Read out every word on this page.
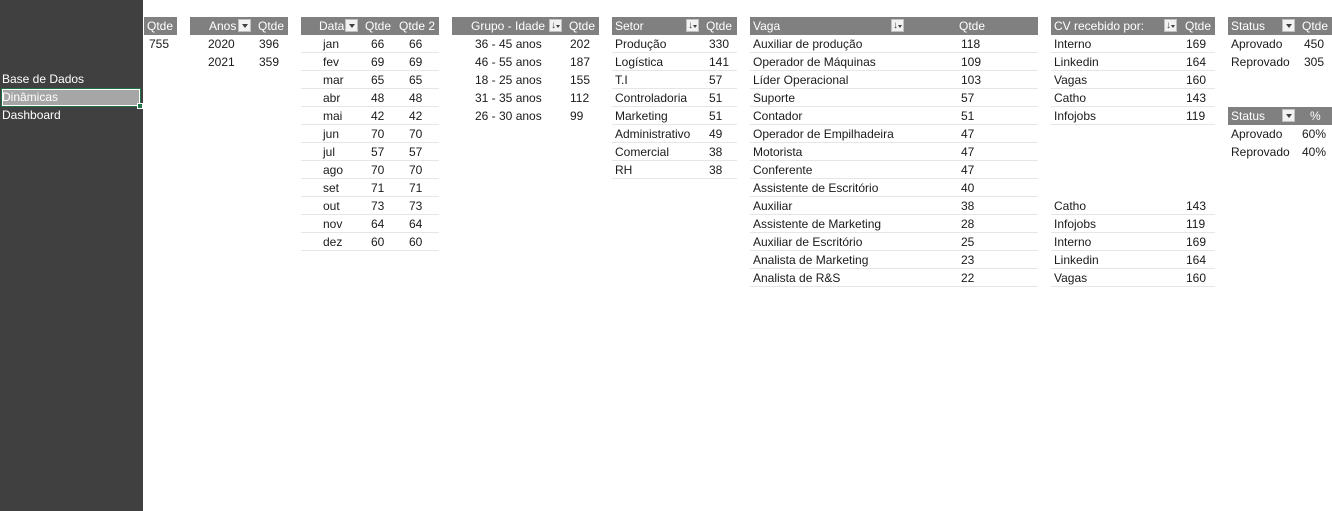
Base de Dados
Dinâmicas
Dashboard
Qtde
755
Anos Qtde
2020 396
2021 359
Data Qtde Qtde 2
jan	66 66
fev	69 69
mar 65 65
abr	48 48
mai 42 42
jun	70 70
jul	57 57
ago 70 70
set	71 71
out	73 73
nov 64 64
dez 60 60
Grupo - Idade ↓ Qtde
36 - 45 anos 202
46 - 55 anos 187
18 - 25 anos 155
31 - 35 anos 112
26 - 30 anos 99
Setor	↓ Qtde
Produção	330
Logística	141
T.I	57
Controladoria 51
Marketing	51
Administrativo 49
Comercial	38
RH	38
Vaga	↓	Qtde
Auxiliar de produção	118
Operador de Máquinas	109
Líder Operacional	103
Suporte	57
Contador	51
Operador de Empilhadeira	47
Motorista	47
Conferente	47
Assistente de Escritório	40
Auxiliar	38
Assistente de Marketing	28
Auxiliar de Escritório	25
Analista de Marketing	23
Analista de R&S	22
CV recebido por: ↓ Qtde
Interno	169
Linkedin	164
Vagas	160
Catho	143
Infojobs	119
Catho	143
Infojobs	119
Interno	169
Linkedin	164
Vagas	160
Status	Qtde
Aprovado 450
Reprovado 305
Status	%
Aprovado 60%
Reprovado 40%
